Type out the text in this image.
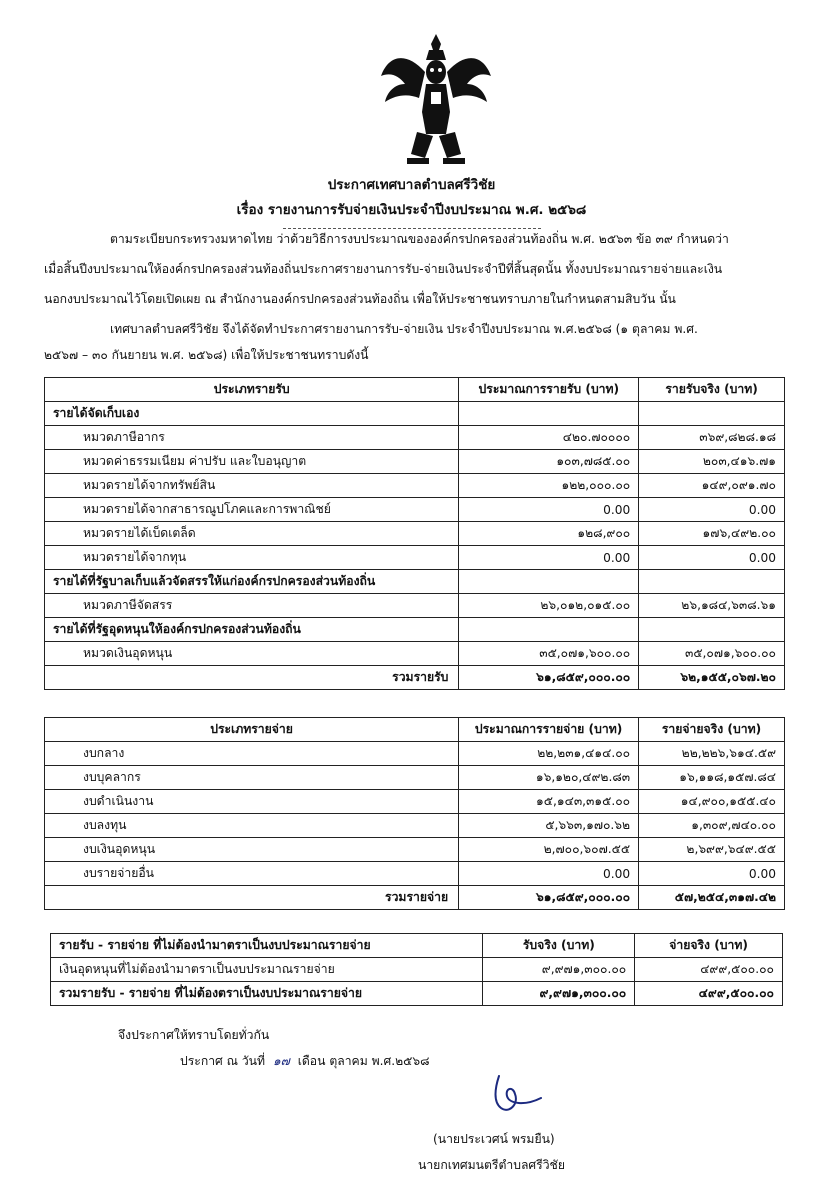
ประกาศเทศบาลตำบลศรีวิชัย
เรื่อง รายงานการรับจ่ายเงินประจำปีงบประมาณ พ.ศ. ๒๕๖๘
ตามระเบียบกระทรวงมหาดไทย ว่าด้วยวิธีการงบประมาณขององค์กรปกครองส่วนท้องถิ่น พ.ศ. ๒๕๖๓ ข้อ ๓๙ กำหนดว่า
เมื่อสิ้นปีงบประมาณให้องค์กรปกครองส่วนท้องถิ่นประกาศรายงานการรับ-จ่ายเงินประจำปีที่สิ้นสุดนั้น ทั้งงบประมาณรายจ่ายและเงิน
นอกงบประมาณไว้โดยเปิดเผย ณ สำนักงานองค์กรปกครองส่วนท้องถิ่น เพื่อให้ประชาชนทราบภายในกำหนดสามสิบวัน นั้น
เทศบาลตำบลศรีวิชัย จึงได้จัดทำประกาศรายงานการรับ-จ่ายเงิน ประจำปีงบประมาณ พ.ศ.๒๕๖๘ (๑ ตุลาคม พ.ศ.
๒๕๖๗ – ๓๐ กันยายน พ.ศ. ๒๕๖๘) เพื่อให้ประชาชนทราบดังนี้
ประเภทรายรับ	ประมาณการรายรับ (บาท)	รายรับจริง (บาท)
รายได้จัดเก็บเอง		
หมวดภาษีอากร	๔๒๐.๗๐๐๐๐	๓๖๙,๘๒๘.๑๘
หมวดค่าธรรมเนียม ค่าปรับ และใบอนุญาต	๑๐๓,๗๘๕.๐๐	๒๐๓,๔๑๖.๗๑
หมวดรายได้จากทรัพย์สิน	๑๒๒,๐๐๐.๐๐	๑๔๙,๐๙๑.๗๐
หมวดรายได้จากสาธารณูปโภคและการพาณิชย์	0.00	0.00
หมวดรายได้เบ็ดเตล็ด	๑๒๘,๙๐๐	๑๗๖,๔๙๒.๐๐
หมวดรายได้จากทุน	0.00	0.00
รายได้ที่รัฐบาลเก็บแล้วจัดสรรให้แก่องค์กรปกครองส่วนท้องถิ่น		
หมวดภาษีจัดสรร	๒๖,๐๑๒,๐๑๕.๐๐	๒๖,๑๘๔,๖๓๘.๖๑
รายได้ที่รัฐอุดหนุนให้องค์กรปกครองส่วนท้องถิ่น		
หมวดเงินอุดหนุน	๓๕,๐๗๑,๖๐๐.๐๐	๓๕,๐๗๑,๖๐๐.๐๐
รวมรายรับ	๖๑,๘๕๙,๐๐๐.๐๐	๖๒,๑๕๕,๐๖๗.๒๐
ประเภทรายจ่าย	ประมาณการรายจ่าย (บาท)	รายจ่ายจริง (บาท)
งบกลาง	๒๒,๒๓๑,๔๑๔.๐๐	๒๒,๒๒๖,๖๑๔.๕๙
งบบุคลากร	๑๖,๑๒๐,๔๙๒.๘๓	๑๖,๑๑๘,๑๕๗.๘๔
งบดำเนินงาน	๑๕,๑๔๓,๓๑๕.๐๐	๑๔,๙๐๐,๑๕๕.๔๐
งบลงทุน	๕,๖๖๓,๑๗๐.๖๒	๑,๓๐๙,๗๔๐.๐๐
งบเงินอุดหนุน	๒,๗๐๐,๖๐๗.๕๕	๒,๖๙๙,๖๔๙.๕๕
งบรายจ่ายอื่น	0.00	0.00
รวมรายจ่าย	๖๑,๘๕๙,๐๐๐.๐๐	๕๗,๒๕๔,๓๑๗.๔๒
รายรับ - รายจ่าย ที่ไม่ต้องนำมาตราเป็นงบประมาณรายจ่าย	รับจริง (บาท)	จ่ายจริง (บาท)
เงินอุดหนุนที่ไม่ต้องนำมาตราเป็นงบประมาณรายจ่าย	๙,๙๗๑,๓๐๐.๐๐	๔๙๙,๕๐๐.๐๐
รวมรายรับ - รายจ่าย ที่ไม่ต้องตราเป็นงบประมาณรายจ่าย	๙,๙๗๑,๓๐๐.๐๐	๔๙๙,๕๐๐.๐๐
จึงประกาศให้ทราบโดยทั่วกัน
ประกาศ ณ วันที่ ๑๗ เดือน ตุลาคม พ.ศ.๒๕๖๘
(นายประเวศน์ พรมยืน)
นายกเทศมนตรีตำบลศรีวิชัย
